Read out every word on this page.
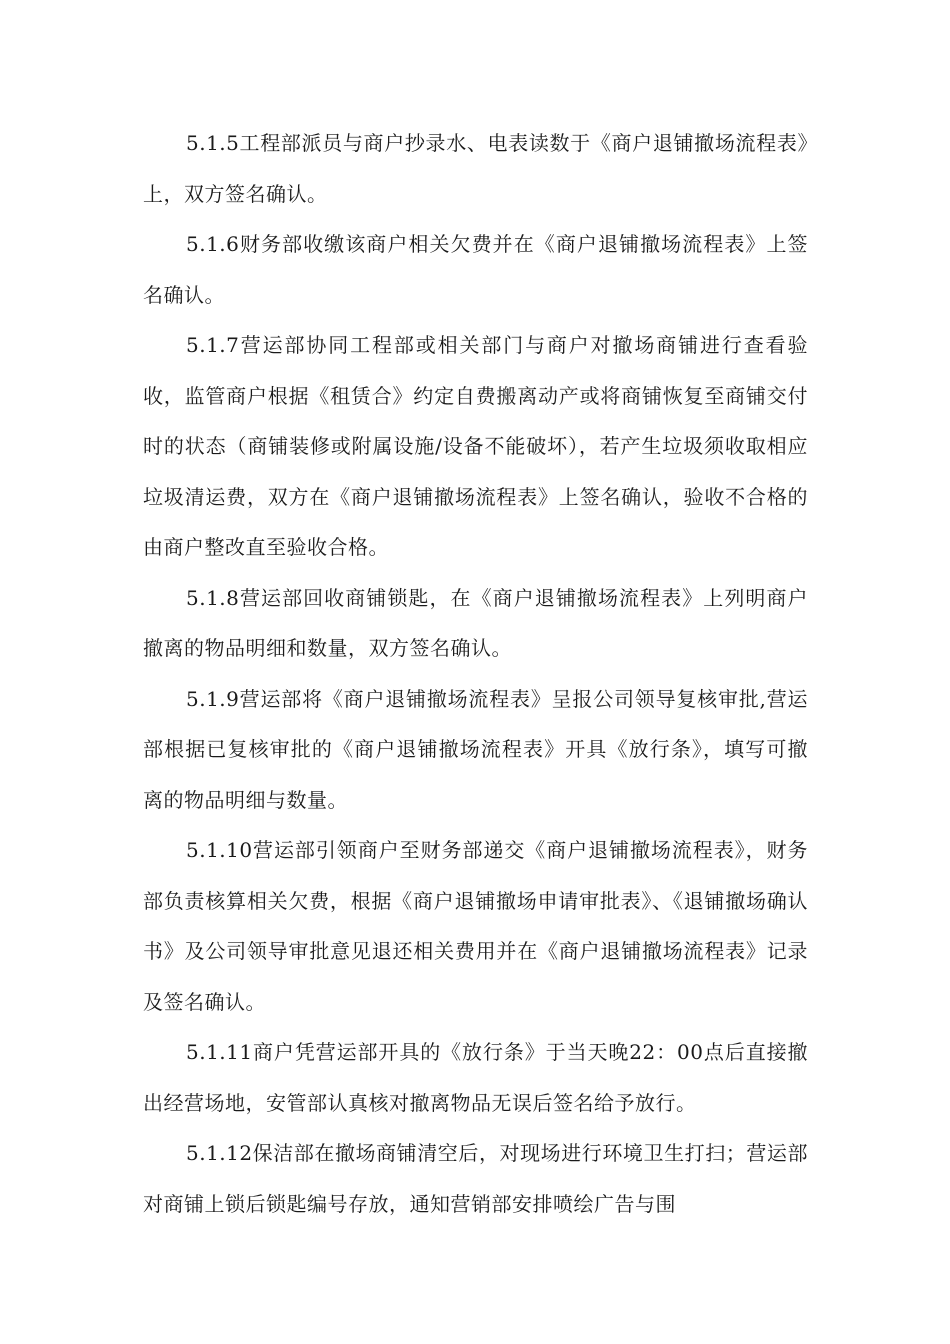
5.1.5工程部派员与商户抄录水、电表读数于《商户退铺撤场流程表》上，双方签名确认。

5.1.6财务部收缴该商户相关欠费并在《商户退铺撤场流程表》上签名确认。

5.1.7营运部协同工程部或相关部门与商户对撤场商铺进行查看验收，监管商户根据《租赁合》约定自费搬离动产或将商铺恢复至商铺交付时的状态（商铺装修或附属设施/设备不能破坏），若产生垃圾须收取相应垃圾清运费，双方在《商户退铺撤场流程表》上签名确认，验收不合格的由商户整改直至验收合格。

5.1.8营运部回收商铺锁匙，在《商户退铺撤场流程表》上列明商户撤离的物品明细和数量，双方签名确认。

5.1.9营运部将《商户退铺撤场流程表》呈报公司领导复核审批,营运部根据已复核审批的《商户退铺撤场流程表》开具《放行条》，填写可撤离的物品明细与数量。

5.1.10营运部引领商户至财务部递交《商户退铺撤场流程表》，财务部负责核算相关欠费，根据《商户退铺撤场申请审批表》、《退铺撤场确认书》及公司领导审批意见退还相关费用并在《商户退铺撤场流程表》记录及签名确认。

5.1.11商户凭营运部开具的《放行条》于当天晚22：00点后直接撤出经营场地，安管部认真核对撤离物品无误后签名给予放行。

5.1.12保洁部在撤场商铺清空后，对现场进行环境卫生打扫；营运部对商铺上锁后锁匙编号存放，通知营销部安排喷绘广告与围
